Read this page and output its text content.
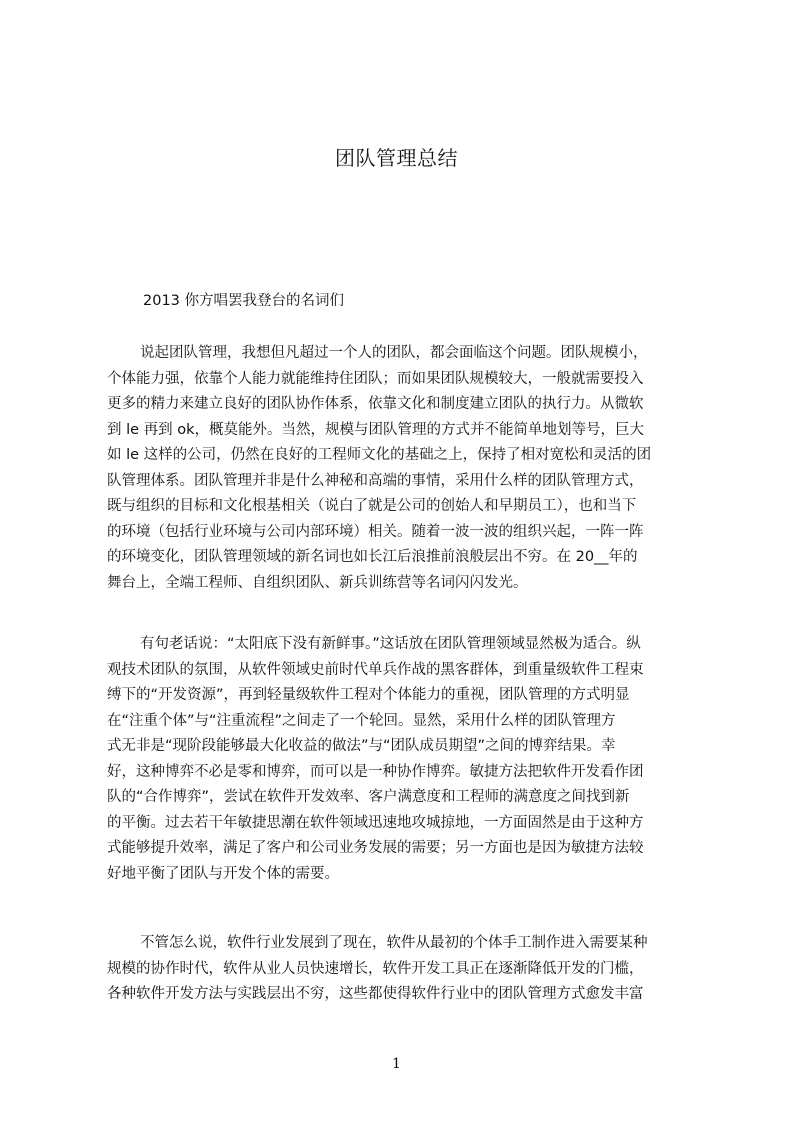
团队管理总结

2013 你方唱罢我登台的名词们

说起团队管理，我想但凡超过一个人的团队，都会面临这个问题。团队规模小，
个体能力强，依靠个人能力就能维持住团队；而如果团队规模较大，一般就需要投入
更多的精力来建立良好的团队协作体系，依靠文化和制度建立团队的执行力。从微软
到 le 再到 ok，概莫能外。当然，规模与团队管理的方式并不能简单地划等号，巨大
如 le 这样的公司，仍然在良好的工程师文化的基础之上，保持了相对宽松和灵活的团
队管理体系。团队管理并非是什么神秘和高端的事情，采用什么样的团队管理方式，
既与组织的目标和文化根基相关（说白了就是公司的创始人和早期员工），也和当下
的环境（包括行业环境与公司内部环境）相关。随着一波一波的组织兴起，一阵一阵
的环境变化，团队管理领域的新名词也如长江后浪推前浪般层出不穷。在 20__年的
舞台上，全端工程师、自组织团队、新兵训练营等名词闪闪发光。
有句老话说：“太阳底下没有新鲜事。”这话放在团队管理领域显然极为适合。纵
观技术团队的氛围，从软件领域史前时代单兵作战的黑客群体，到重量级软件工程束
缚下的“开发资源”，再到轻量级软件工程对个体能力的重视，团队管理的方式明显
在“注重个体”与“注重流程”之间走了一个轮回。显然，采用什么样的团队管理方
式无非是“现阶段能够最大化收益的做法”与“团队成员期望”之间的博弈结果。幸
好，这种博弈不必是零和博弈，而可以是一种协作博弈。敏捷方法把软件开发看作团
队的“合作博弈”，尝试在软件开发效率、客户满意度和工程师的满意度之间找到新
的平衡。过去若干年敏捷思潮在软件领域迅速地攻城掠地，一方面固然是由于这种方
式能够提升效率，满足了客户和公司业务发展的需要；另一方面也是因为敏捷方法较
好地平衡了团队与开发个体的需要。
不管怎么说，软件行业发展到了现在，软件从最初的个体手工制作进入需要某种
规模的协作时代，软件从业人员快速增长，软件开发工具正在逐渐降低开发的门槛，
各种软件开发方法与实践层出不穷，这些都使得软件行业中的团队管理方式愈发丰富

1
